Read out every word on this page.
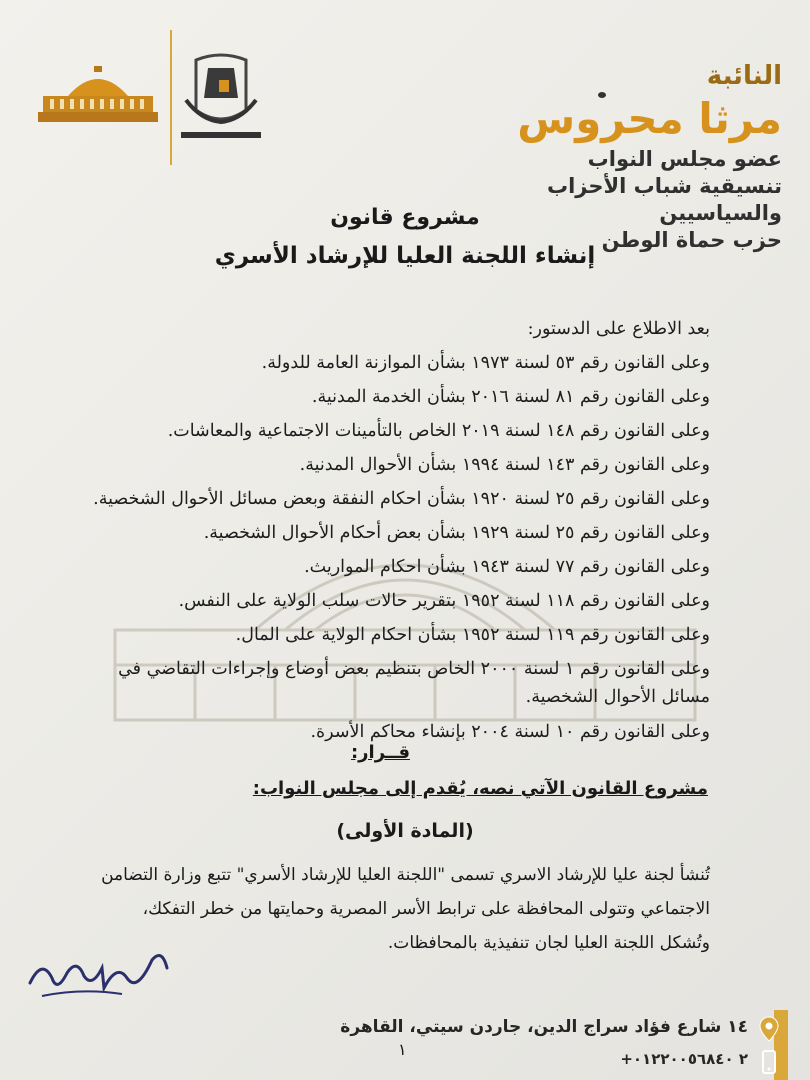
النائبة
مرثا محروس
عضو مجلس النواب
تنسيقية شباب الأحزاب والسياسيين
حزب حماة الوطن
مشروع قانون
إنشاء اللجنة العليا للإرشاد الأسري

بعد الاطلاع على الدستور:

وعلى القانون رقم ٥٣ لسنة ١٩٧٣ بشأن الموازنة العامة للدولة.

وعلى القانون رقم ٨١ لسنة ٢٠١٦ بشأن الخدمة المدنية.

وعلى القانون رقم ١٤٨ لسنة ٢٠١٩ الخاص بالتأمينات الاجتماعية والمعاشات.

وعلى القانون رقم ١٤٣ لسنة ١٩٩٤ بشأن الأحوال المدنية.

وعلى القانون رقم ٢٥ لسنة ١٩٢٠ بشأن احكام النفقة وبعض مسائل الأحوال الشخصية.

وعلى القانون رقم ٢٥ لسنة ١٩٢٩ بشأن بعض أحكام الأحوال الشخصية.

وعلى القانون رقم ٧٧ لسنة ١٩٤٣ بشأن احكام المواريث.

وعلى القانون رقم ١١٨ لسنة ١٩٥٢ بتقرير حالات سلب الولاية على النفس.

وعلى القانون رقم ١١٩ لسنة ١٩٥٢ بشأن احكام الولاية على المال.

وعلى القانون رقم ١ لسنة ٢٠٠٠ الخاص بتنظيم بعض أوضاع وإجراءات التقاضي في مسائل الأحوال الشخصية.

وعلى القانون رقم ١٠ لسنة ٢٠٠٤ بإنشاء محاكم الأسرة.

قــرار:
مشروع القانون الآتي نصه، يُقدم إلى مجلس النواب:
(المادة الأولى)
تُنشأ لجنة عليا للإرشاد الاسري تسمى "اللجنة العليا للإرشاد الأسري" تتبع وزارة التضامن الاجتماعي وتتولى المحافظة على ترابط الأسر المصرية وحمايتها من خطر التفكك، وتُشكل اللجنة العليا لجان تنفيذية بالمحافظات.
١
١٤ شارع فؤاد سراج الدين، جاردن سيتي، القاهرة
+٢ ٠١٢٢٠٠٥٦٨٤٠
